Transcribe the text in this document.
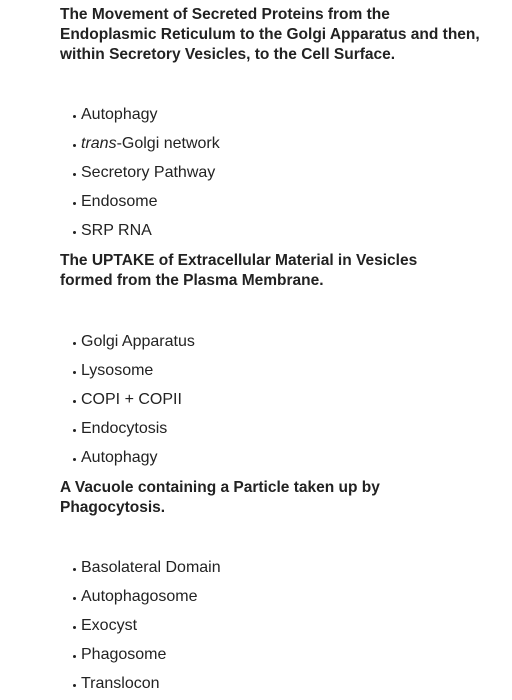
The Movement of Secreted Proteins from the Endoplasmic Reticulum to the Golgi Apparatus and then, within Secretory Vesicles, to the Cell Surface.

Autophagy
trans -Golgi network
Secretory Pathway
Endosome
SRP RNA

The UPTAKE of Extracellular Material in Vesicles formed from the Plasma Membrane.

Golgi Apparatus
Lysosome
COPI + COPII
Endocytosis
Autophagy

A Vacuole containing a Particle taken up by Phagocytosis.

Basolateral Domain
Autophagosome
Exocyst
Phagosome
Translocon
